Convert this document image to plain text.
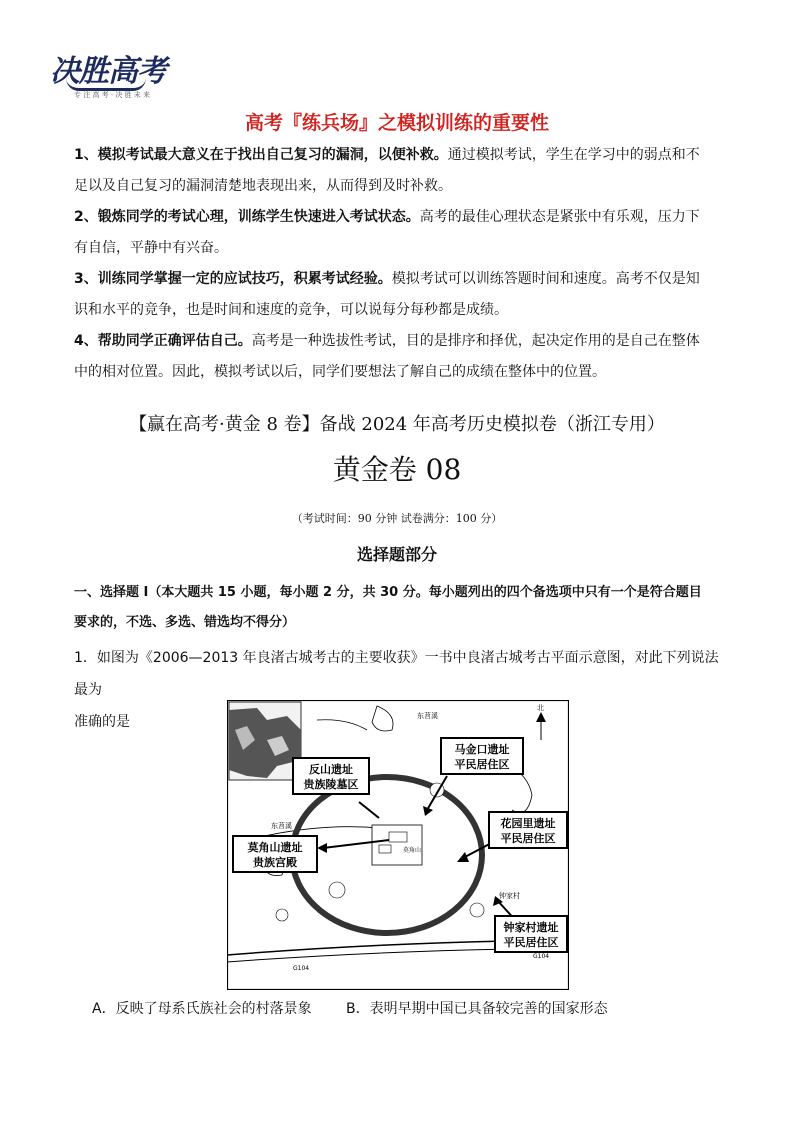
决胜高考
专 注 高 考 · 决 胜 未 来
高考『练兵场』之模拟训练的重要性
1、模拟考试最大意义在于找出自己复习的漏洞，以便补救。通过模拟考试，学生在学习中的弱点和不
足以及自己复习的漏洞清楚地表现出来，从而得到及时补救。
2、锻炼同学的考试心理，训练学生快速进入考试状态。高考的最佳心理状态是紧张中有乐观，压力下
有自信，平静中有兴奋。
3、训练同学掌握一定的应试技巧，积累考试经验。模拟考试可以训练答题时间和速度。高考不仅是知
识和水平的竞争，也是时间和速度的竞争，可以说每分每秒都是成绩。
4、帮助同学正确评估自己。高考是一种选拔性考试，目的是排序和择优，起决定作用的是自己在整体
中的相对位置。因此，模拟考试以后，同学们要想法了解自己的成绩在整体中的位置。
【赢在高考·黄金 8 卷】备战 2024 年高考历史模拟卷（浙江专用）
黄金卷 08
（考试时间：90 分钟 试卷满分：100 分）
选择题部分
一、选择题 I（本大题共 15 小题，每小题 2 分，共 30 分。每小题列出的四个备选项中只有一个是符合题目
要求的，不选、多选、错选均不得分）
1．如图为《2006—2013 年良渚古城考古的主要收获》一书中良渚古城考古平面示意图，对此下列说法最为
准确的是
北
东苕溪
东苕溪
莫角山
钟家村
G104
G104
反山遗址
贵族陵墓区
马金口遗址
平民居住区
花园里遗址
平民居住区
莫角山遗址
贵族宫殿
钟家村遗址
平民居住区
A．反映了母系氏族社会的村落景象 B．表明早期中国已具备较完善的国家形态
